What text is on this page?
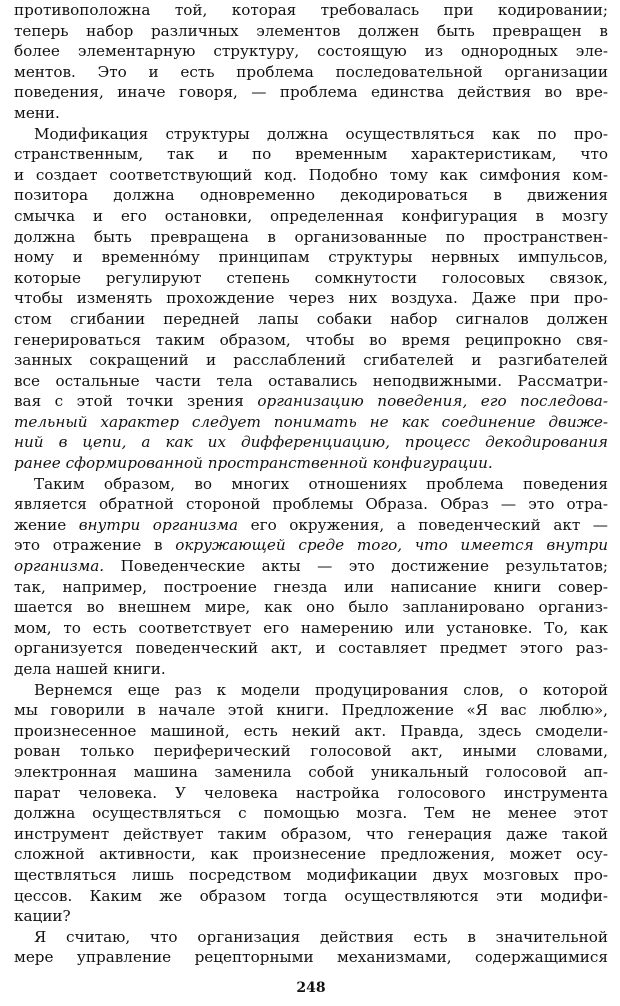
противоположна той, которая требовалась при кодировании;
теперь набор различных элементов должен быть превращен в
более элементарную структуру, состоящую из однородных эле-
ментов. Это и есть проблема последовательной организации
поведения, иначе говоря, — проблема единства действия во вре-
мени.
Модификация структуры должна осуществляться как по про-
странственным, так и по временным характеристикам, что
и создает соответствующий код. Подобно тому как симфония ком-
позитора должна одновременно декодироваться в движения
смычка и его остановки, определенная конфигурация в мозгу
должна быть превращена в организованные по пространствен-
ному и временно́му принципам структуры нервных импульсов,
которые регулируют степень сомкнутости голосовых связок,
чтобы изменять прохождение через них воздуха. Даже при про-
стом сгибании передней лапы собаки набор сигналов должен
генерироваться таким образом, чтобы во время реципрокно свя-
занных сокращений и расслаблений сгибателей и разгибателей
все остальные части тела оставались неподвижными. Рассматри-
вая с этой точки зрения организацию поведения, его последова-
тельный характер следует понимать не как соединение движе-
ний в цепи, а как их дифференциацию, процесс декодирования
ранее сформированной пространственной конфигурации.
Таким образом, во многих отношениях проблема поведения
является обратной стороной проблемы Образа. Образ — это отра-
жение внутри организма его окружения, а поведенческий акт —
это отражение в окружающей среде того, что имеется внутри
организма. Поведенческие акты — это достижение результатов;
так, например, построение гнезда или написание книги совер-
шается во внешнем мире, как оно было запланировано организ-
мом, то есть соответствует его намерению или установке. То, как
организуется поведенческий акт, и составляет предмет этого раз-
дела нашей книги.
Вернемся еще раз к модели продуцирования слов, о которой
мы говорили в начале этой книги. Предложение «Я вас люблю»,
произнесенное машиной, есть некий акт. Правда, здесь смодели-
рован только периферический голосовой акт, иными словами,
электронная машина заменила собой уникальный голосовой ап-
парат человека. У человека настройка голосового инструмента
должна осуществляться с помощью мозга. Тем не менее этот
инструмент действует таким образом, что генерация даже такой
сложной активности, как произнесение предложения, может осу-
ществляться лишь посредством модификации двух мозговых про-
цессов. Каким же образом тогда осуществляются эти модифи-
кации?
Я считаю, что организация действия есть в значительной
мере управление рецепторными механизмами, содержащимися
248
